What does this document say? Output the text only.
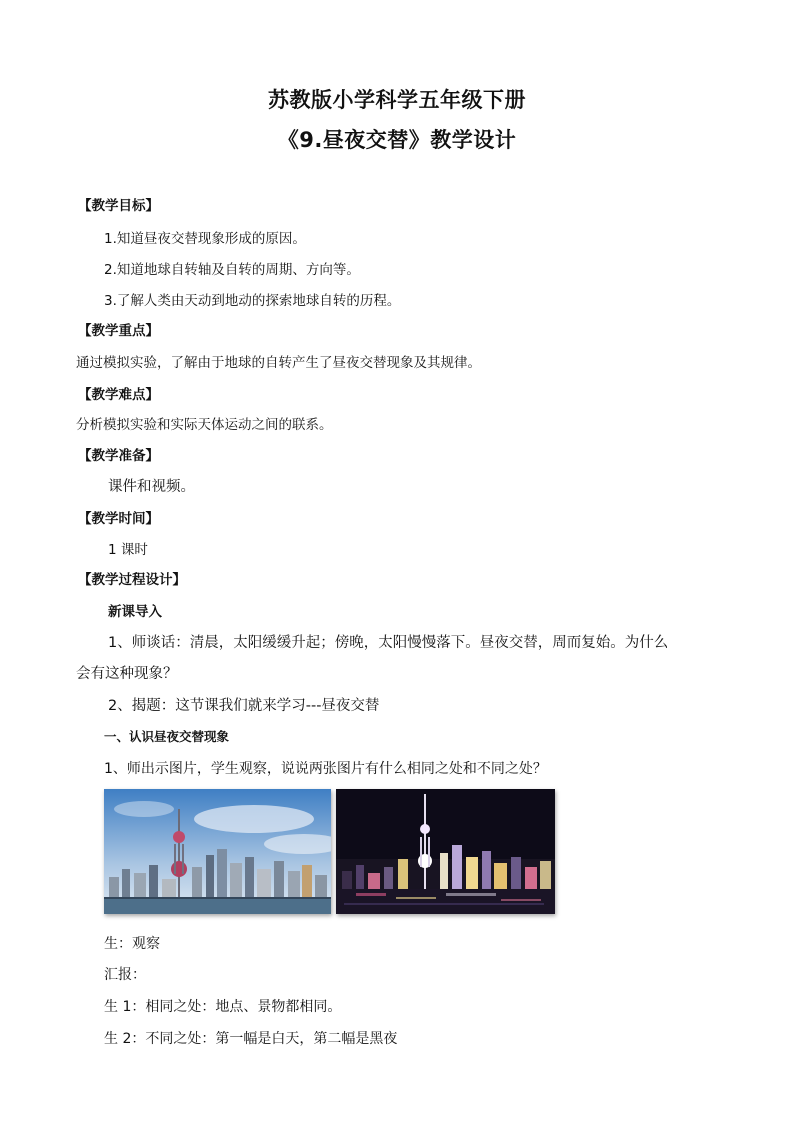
苏教版小学科学五年级下册
《9.昼夜交替》教学设计
【教学目标】
1.知道昼夜交替现象形成的原因。
2.知道地球自转轴及自转的周期、方向等。
3.了解人类由天动到地动的探索地球自转的历程。
【教学重点】
通过模拟实验，了解由于地球的自转产生了昼夜交替现象及其规律。
【教学难点】
分析模拟实验和实际天体运动之间的联系。
【教学准备】
课件和视频。
【教学时间】
1 课时
【教学过程设计】
新课导入
1、师谈话：清晨，太阳缓缓升起；傍晚，太阳慢慢落下。昼夜交替，周而复始。为什么
会有这种现象？
2、揭题：这节课我们就来学习---昼夜交替
一、认识昼夜交替现象
1、师出示图片，学生观察，说说两张图片有什么相同之处和不同之处？
生：观察
汇报：
生 1：相同之处：地点、景物都相同。
生 2：不同之处：第一幅是白天，第二幅是黑夜
